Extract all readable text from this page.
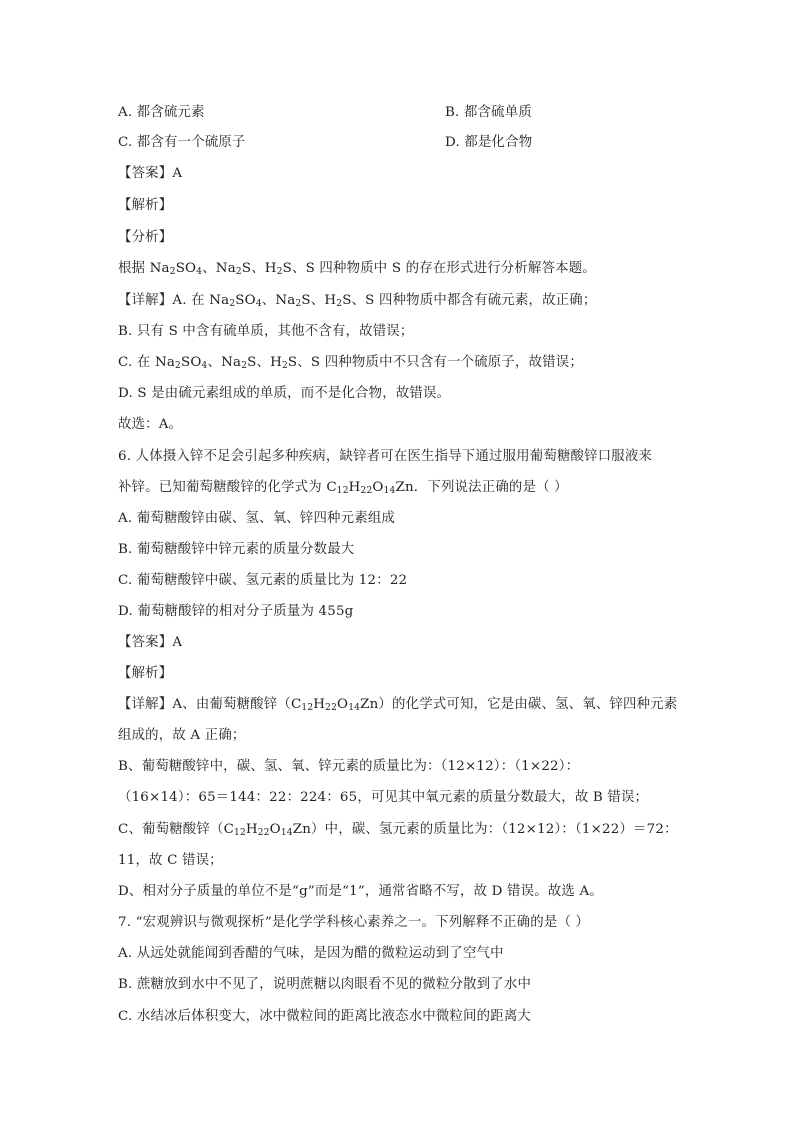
A. 都含硫元素	B. 都含硫单质
C. 都含有一个硫原子	D. 都是化合物
【答案】A
【解析】
【分析】
根据 $Na_2SO_4$、$Na_2S$、$H_2S$、S 四种物质中 S 的存在形式进行分析解答本题。
【详解】A. 在 $Na_2SO_4$、$Na_2S$、$H_2S$、S 四种物质中都含有硫元素，故正确；
B. 只有 S 中含有硫单质，其他不含有，故错误；
C. 在 $Na_2SO_4$、$Na_2S$、$H_2S$、S 四种物质中不只含有一个硫原子，故错误；
D. S 是由硫元素组成的单质，而不是化合物，故错误。
故选：A。
6. 人体摄入锌不足会引起多种疾病，缺锌者可在医生指导下通过服用葡萄糖酸锌口服液来
补锌。已知葡萄糖酸锌的化学式为 $C_{12}H_{22}O_{14}Zn$．下列说法正确的是（ ）
A. 葡萄糖酸锌由碳、氢、氧、锌四种元素组成
B. 葡萄糖酸锌中锌元素的质量分数最大
C. 葡萄糖酸锌中碳、氢元素的质量比为 12：22
D. 葡萄糖酸锌的相对分子质量为 455g
【答案】A
【解析】
【详解】A、由葡萄糖酸锌$(C_{12}H_{22}O_{14}Zn)$的化学式可知，它是由碳、氢、氧、锌四种元素
组成的，故 A 正确；
B、葡萄糖酸锌中，碳、氢、氧、锌元素的质量比为：（12×12）：（1×22）：
（16×14）：65＝144：22：224：65，可见其中氧元素的质量分数最大，故 B 错误；
C、葡萄糖酸锌$(C_{12}H_{22}O_{14}Zn)$中，碳、氢元素的质量比为：（12×12）：（1×22）＝72：
11，故 C 错误；
D、相对分子质量的单位不是“g”而是“1”，通常省略不写，故 D 错误。故选 A。
7. “宏观辨识与微观探析”是化学学科核心素养之一。下列解释不正确的是（ ）
A. 从远处就能闻到香醋的气味，是因为醋的微粒运动到了空气中
B. 蔗糖放到水中不见了，说明蔗糖以肉眼看不见的微粒分散到了水中
C. 水结冰后体积变大，冰中微粒间的距离比液态水中微粒间的距离大
